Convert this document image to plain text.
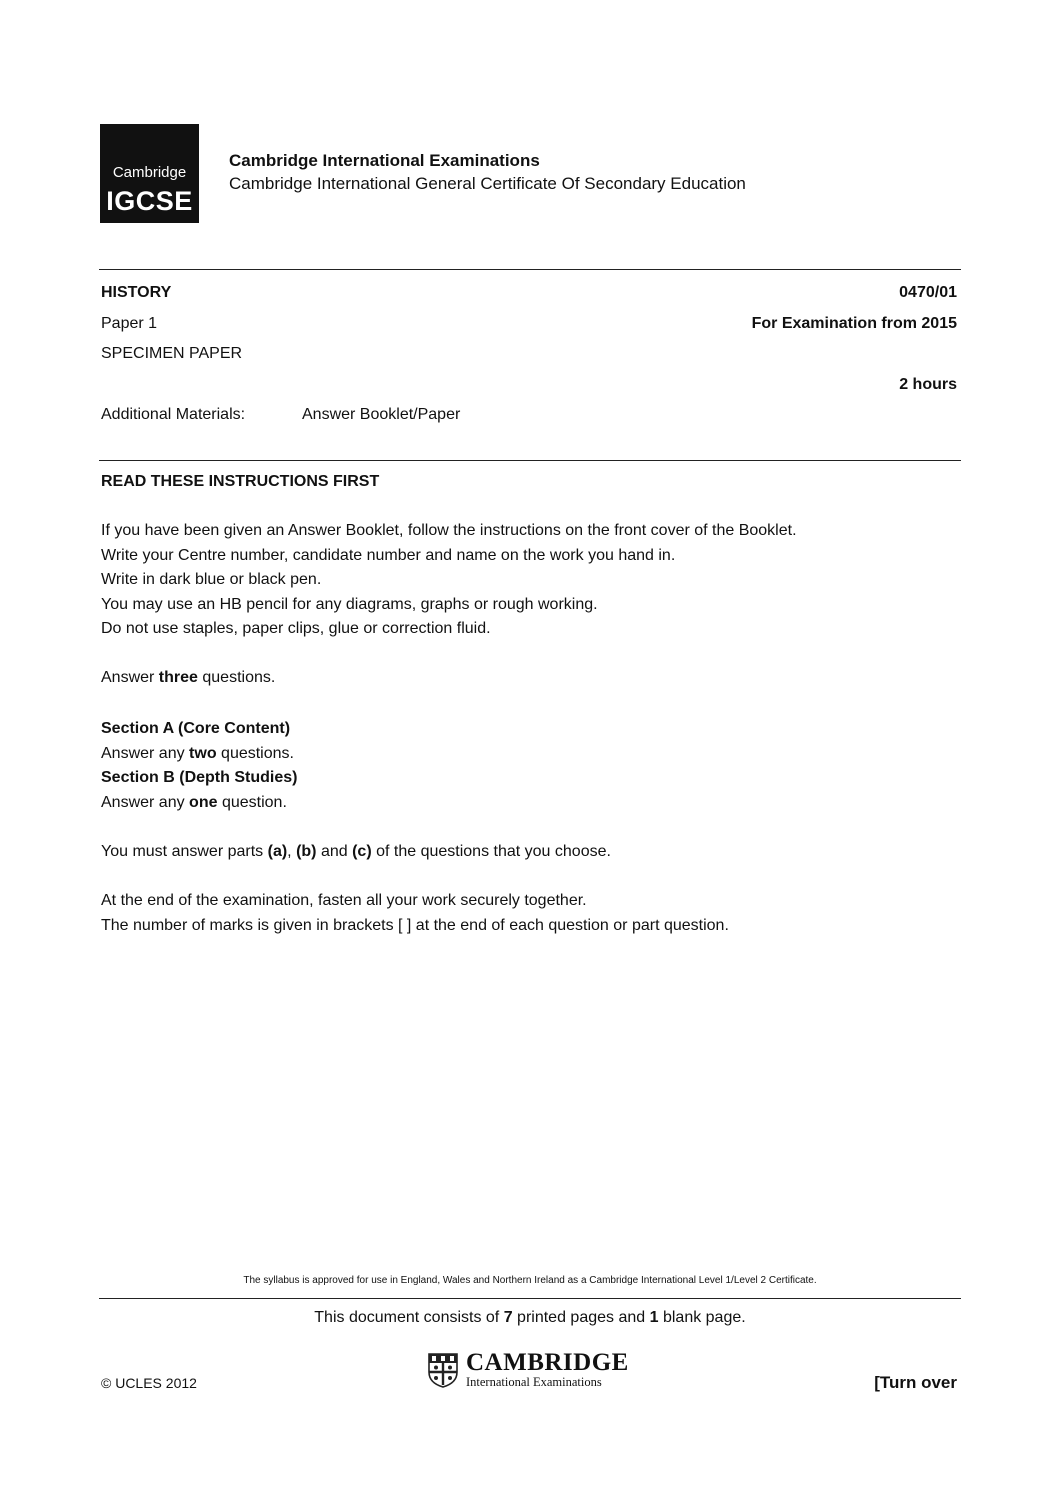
Cambridge
IGCSE
Cambridge International Examinations
Cambridge International General Certificate Of Secondary Education
HISTORY	0470/01
Paper 1	For Examination from 2015
SPECIMEN PAPER
2 hours
Additional Materials:	Answer Booklet/Paper
READ THESE INSTRUCTIONS FIRST
If you have been given an Answer Booklet, follow the instructions on the front cover of the Booklet.
Write your Centre number, candidate number and name on the work you hand in.
Write in dark blue or black pen.
You may use an HB pencil for any diagrams, graphs or rough working.
Do not use staples, paper clips, glue or correction fluid.
Answer three questions.
Section A (Core Content)
Answer any two questions.
Section B (Depth Studies)
Answer any one question.
You must answer parts (a), (b) and (c) of the questions that you choose.
At the end of the examination, fasten all your work securely together.
The number of marks is given in brackets [ ] at the end of each question or part question.
The syllabus is approved for use in England, Wales and Northern Ireland as a Cambridge International Level 1/Level 2 Certificate.
This document consists of 7 printed pages and 1 blank page.
© UCLES 2012
CAMBRIDGE
International Examinations	[Turn over
